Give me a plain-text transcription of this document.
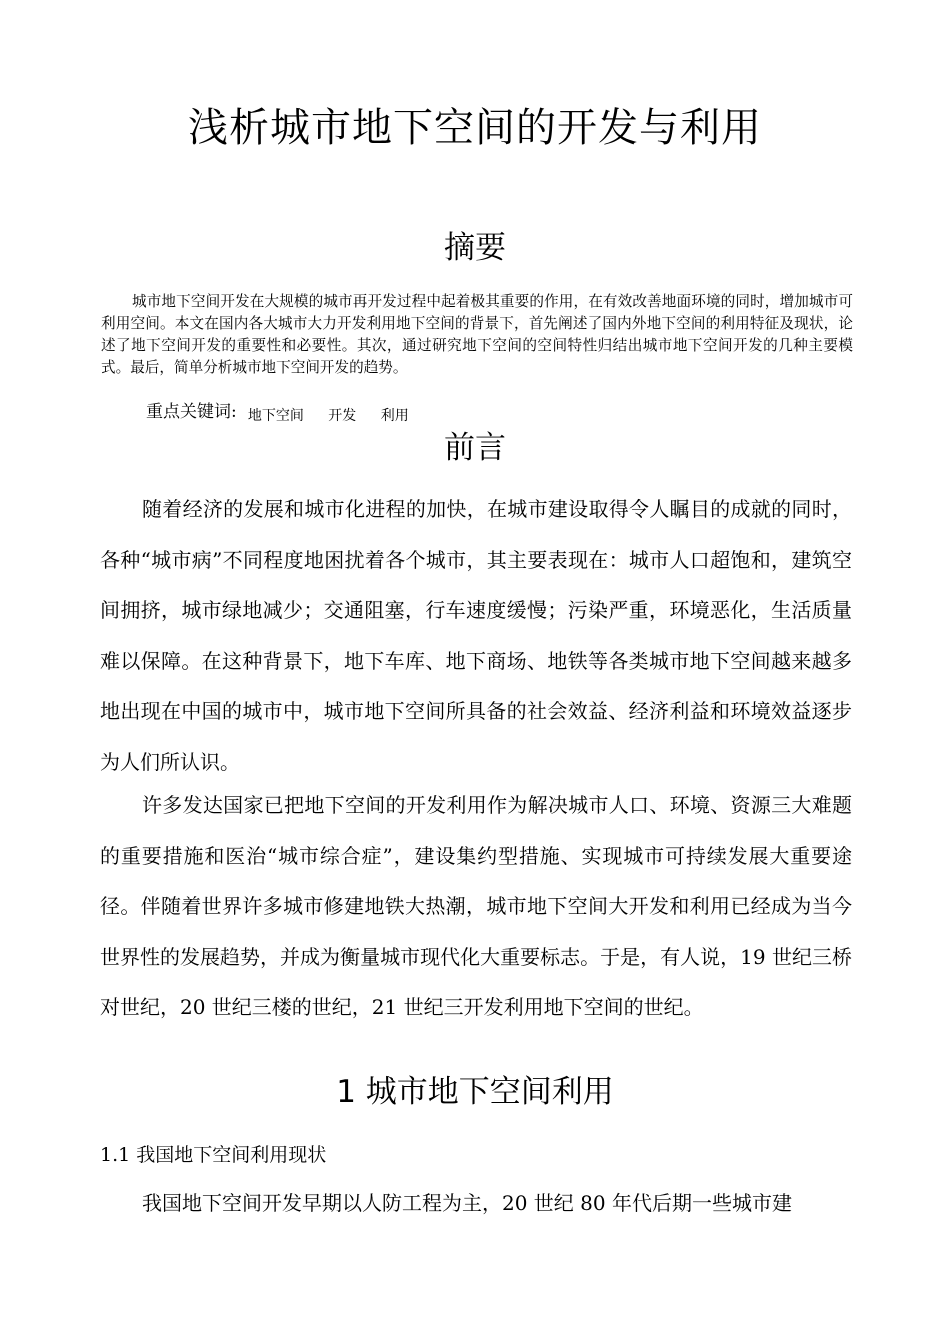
浅析城市地下空间的开发与利用
摘要

城市地下空间开发在大规模的城市再开发过程中起着极其重要的作用，在有效改善地面环境的同时，增加城市可利用空间。本文在国内各大城市大力开发利用地下空间的背景下，首先阐述了国内外地下空间的利用特征及现状，论述了地下空间开发的重要性和必要性。其次，通过研究地下空间的空间特性归结出城市地下空间开发的几种主要模式。最后，简单分析城市地下空间开发的趋势。

重点关键词: 地下空间 开发 利用
前言

随着经济的发展和城市化进程的加快，在城市建设取得令人瞩目的成就的同时，各种“城市病”不同程度地困扰着各个城市，其主要表现在：城市人口超饱和，建筑空间拥挤，城市绿地减少；交通阻塞，行车速度缓慢；污染严重，环境恶化，生活质量难以保障。在这种背景下，地下车库、地下商场、地铁等各类城市地下空间越来越多地出现在中国的城市中，城市地下空间所具备的社会效益、经济利益和环境效益逐步为人们所认识。

许多发达国家已把地下空间的开发利用作为解决城市人口、环境、资源三大难题的重要措施和医治“城市综合症”，建设集约型措施、实现城市可持续发展大重要途径。伴随着世界许多城市修建地铁大热潮，城市地下空间大开发和利用已经成为当今世界性的发展趋势，并成为衡量城市现代化大重要标志。于是，有人说，19 世纪三桥对世纪，20 世纪三楼的世纪，21 世纪三开发利用地下空间的世纪。

1 城市地下空间利用
1.1 我国地下空间利用现状

我国地下空间开发早期以人防工程为主，20 世纪 80 年代后期一些城市建
